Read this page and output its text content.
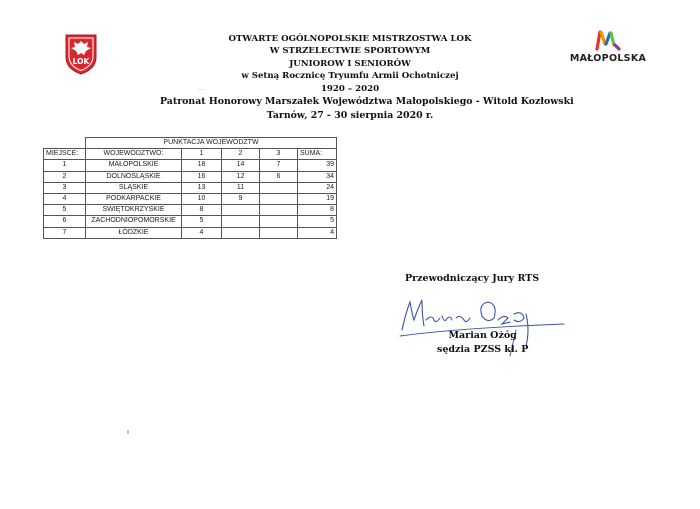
LOK	MAŁOPOLSKA
OTWARTE OGÓLNOPOLSKIE MISTRZOSTWA LOK
W STRZELECTWIE SPORTOWYM
JUNIOROW I SENIORÓW
w Setną Rocznicę Tryumfu Armii Ochotniczej
1920 – 2020
Patronat Honorowy Marszałek Województwa Małopolskiego - Witold Kozłowski
Tarnów, 27 - 30 sierpnia 2020 r.
	PUNKTACJA WOJEWÓDZTW				
MIEJSCE:	WOJEWÓDZTWO:	1	2	3	SUMA:
1	MAŁOPOLSKIE	18	14	7	39
2	DOLNOŚLĄSKIE	16	12	6	34
3	ŚLĄSKIE	13	11		24
4	PODKARPACKIE	10	9		19
5	ŚWIĘTOKRZYSKIE	8			8
6	ZACHODNIOPOMORSKIE	5			5
7	ŁÓDZKIE	4			4
Przewodniczący Jury RTS
Marian Ożóg
Marian Ożóg
sędzia PZSS kl. P
